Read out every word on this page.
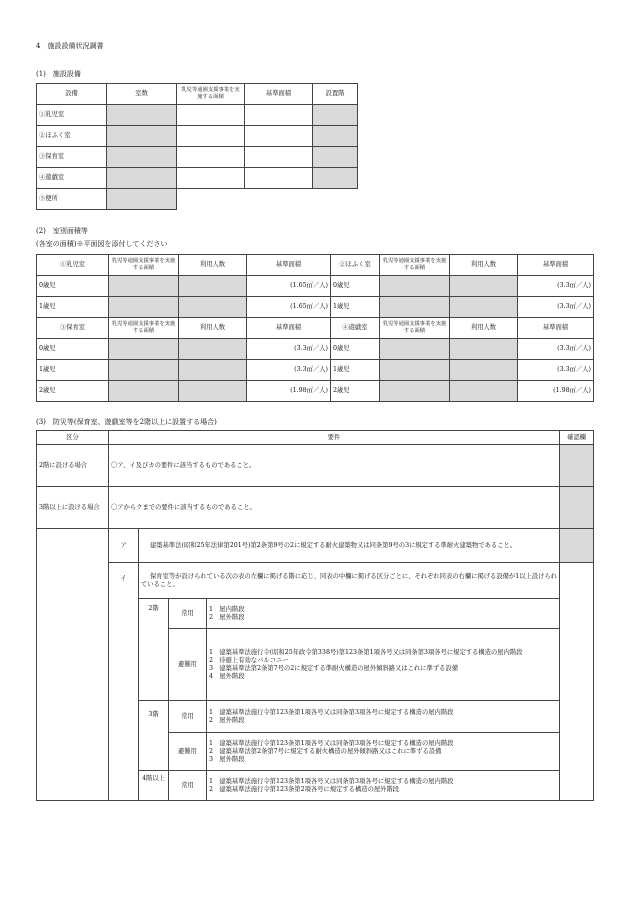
4　施設設備状況調書
(1)　施設設備
設備	室数	乳児等通園支援事業を実施する面積	基準面積	設置階
①乳児室				
②ほふく室				
③保育室				
④遊戯室				
⑤便所	
(2)　室別面積等
(各室の面積)※平面図を添付してください
①乳児室	乳児等通園支援事業を実施する面積	利用人数	基準面積	②ほふく室	乳児等通園支援事業を実施する面積	利用人数	基準面積
0歳児			(1.65㎡／人)	0歳児			(3.3㎡／人)
1歳児			(1.65㎡／人)	1歳児			(3.3㎡／人)
③保育室	乳児等通園支援事業を実施する面積	利用人数	基準面積	④遊戯室	乳児等通園支援事業を実施する面積	利用人数	基準面積
0歳児			(3.3㎡／人)	0歳児			(3.3㎡／人)
1歳児			(3.3㎡／人)	1歳児			(3.3㎡／人)
2歳児			(1.98㎡／人)	2歳児			(1.98㎡／人)
(3)　防災等(保育室、遊戯室等を2階以上に設置する場合)
区分	要件				確認欄
2階に設ける場合	〇ア、イ及びカの要件に該当するものであること。				
3階以上に設ける場合	〇アからクまでの要件に該当するものであること。				
	ア	建築基準法(昭和25年法律第201号)第2条第9号の2に規定する耐火建築物又は同条第9号の3に規定する準耐火建築物であること。			
	イ	保育室等が設けられている次の表の左欄に掲げる階に応じ、同表の中欄に掲げる区分ごとに、それぞれ同表の右欄に掲げる設備が1以上設けられていること。			
		2階	常用	1　屋内階段
2　屋外階段	
			避難用	1　建築基準法施行令(昭和25年政令第338号)第123条第1項各号又は同条第3項各号に規定する構造の屋内階段
2　待避上有効なバルコニー
3　建築基準法第2条第7号の2に規定する準耐火構造の屋外傾斜路又はこれに準ずる設備
4　屋外階段	
		3階	常用	1　建築基準法施行令第123条第1項各号又は同条第3項各号に規定する構造の屋内階段
2　屋外階段	
			避難用	1　建築基準法施行令第123条第1項各号又は同条第3項各号に規定する構造の屋内階段
2　建築基準法第2条第7号に規定する耐火構造の屋外傾斜路又はこれに準ずる設備
3　屋外階段	
		4階以上	常用	1　建築基準法施行令第123条第1項各号又は同条第3項各号に規定する構造の屋内階段
2　建築基準法施行令第123条第2項各号に規定する構造の屋外階段	
